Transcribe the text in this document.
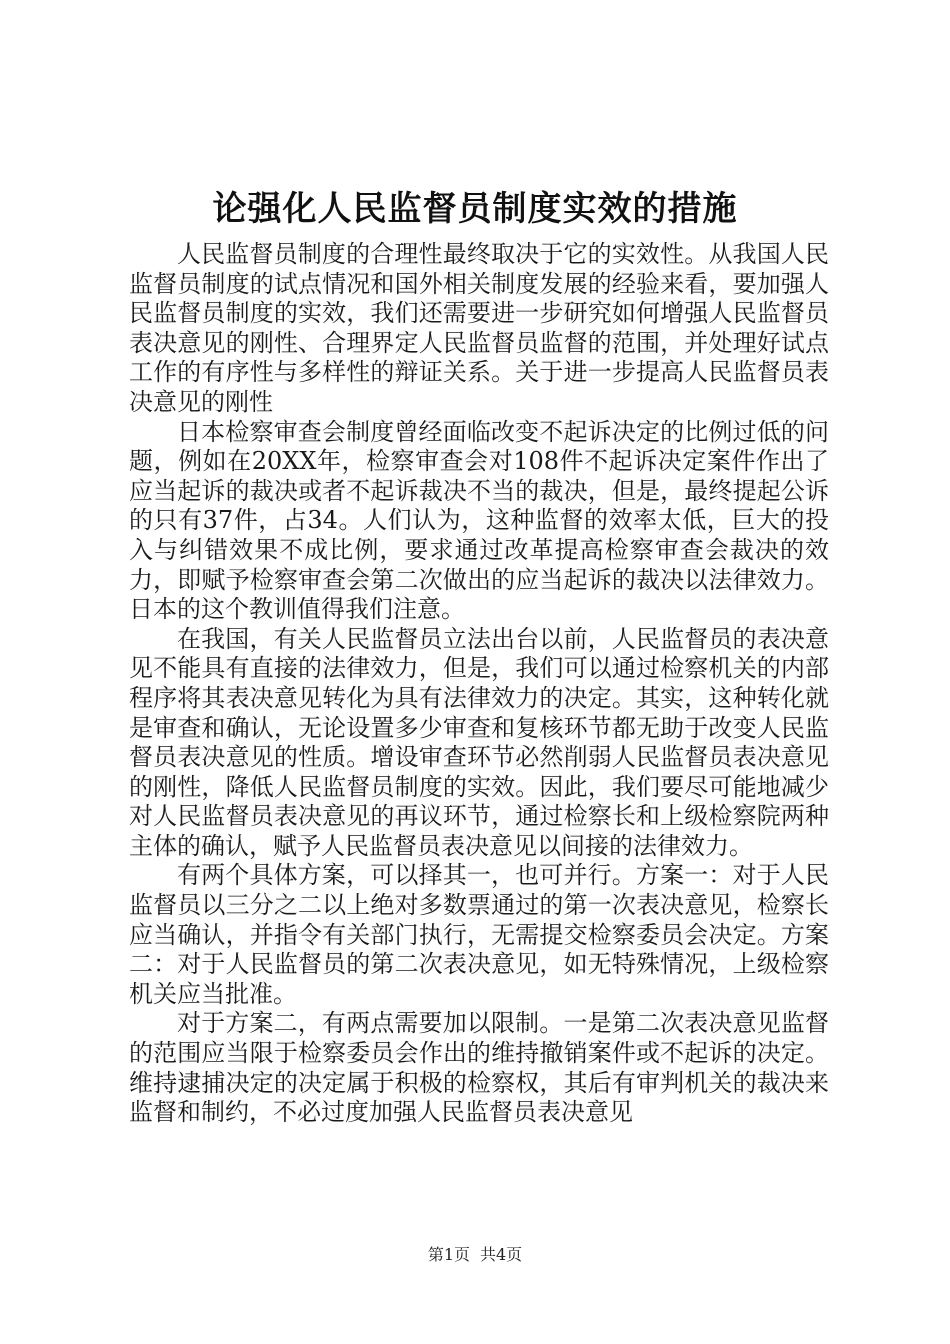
论强化人民监督员制度实效的措施

人民监督员制度的合理性最终取决于它的实效性。从我国人民监督员制度的试点情况和国外相关制度发展的经验来看，要加强人民监督员制度的实效，我们还需要进一步研究如何增强人民监督员表决意见的刚性、合理界定人民监督员监督的范围，并处理好试点工作的有序性与多样性的辩证关系。关于进一步提高人民监督员表决意见的刚性

日本检察审查会制度曾经面临改变不起诉决定的比例过低的问题，例如在20XX年，检察审查会对108件不起诉决定案件作出了应当起诉的裁决或者不起诉裁决不当的裁决，但是，最终提起公诉的只有37件，占34。人们认为，这种监督的效率太低，巨大的投入与纠错效果不成比例，要求通过改革提高检察审查会裁决的效力，即赋予检察审查会第二次做出的应当起诉的裁决以法律效力。日本的这个教训值得我们注意。

在我国，有关人民监督员立法出台以前，人民监督员的表决意见不能具有直接的法律效力，但是，我们可以通过检察机关的内部程序将其表决意见转化为具有法律效力的决定。其实，这种转化就是审查和确认，无论设置多少审查和复核环节都无助于改变人民监督员表决意见的性质。增设审查环节必然削弱人民监督员表决意见的刚性，降低人民监督员制度的实效。因此，我们要尽可能地减少对人民监督员表决意见的再议环节，通过检察长和上级检察院两种主体的确认，赋予人民监督员表决意见以间接的法律效力。

有两个具体方案，可以择其一，也可并行。方案一：对于人民监督员以三分之二以上绝对多数票通过的第一次表决意见，检察长应当确认，并指令有关部门执行，无需提交检察委员会决定。方案二：对于人民监督员的第二次表决意见，如无特殊情况，上级检察机关应当批准。

对于方案二，有两点需要加以限制。一是第二次表决意见监督的范围应当限于检察委员会作出的维持撤销案件或不起诉的决定。维持逮捕决定的决定属于积极的检察权，其后有审判机关的裁决来监督和制约，不必过度加强人民监督员表决意见

第1页 共4页
